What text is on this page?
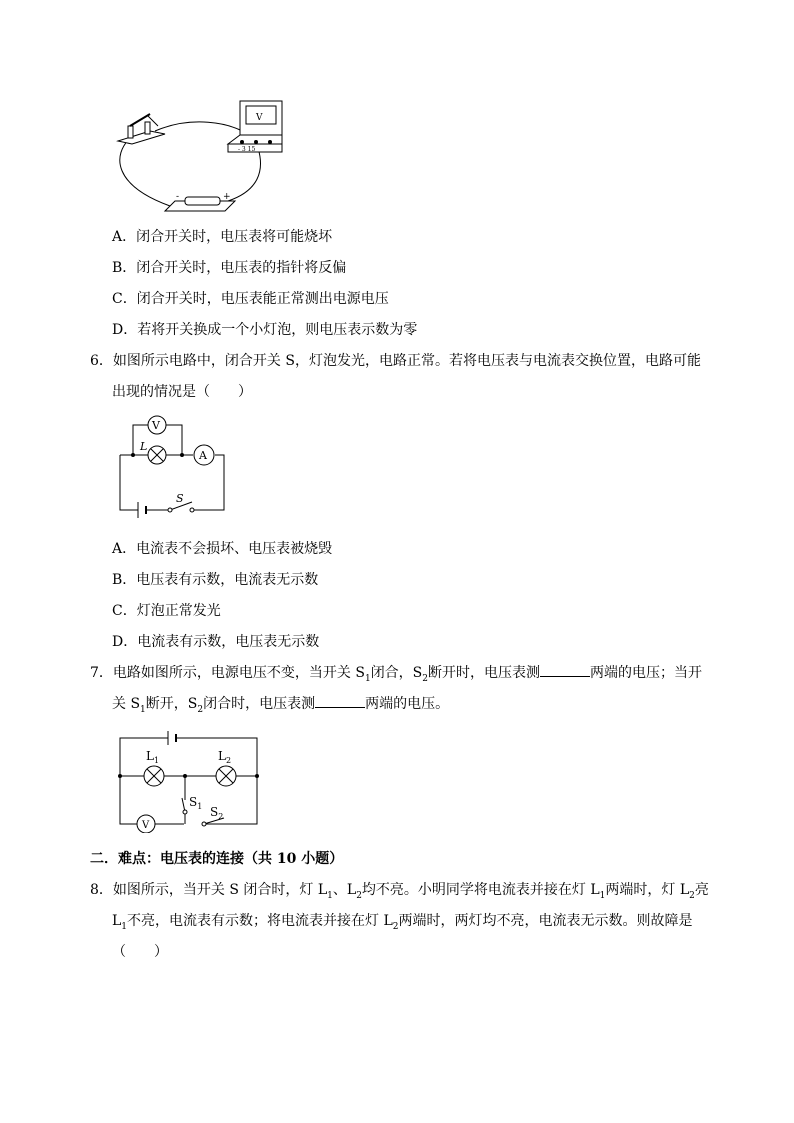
V
- 3 15
-	+
A．闭合开关时，电压表将可能烧坏
B．闭合开关时，电压表的指针将反偏
C．闭合开关时，电压表能正常测出电源电压
D．若将开关换成一个小灯泡，则电压表示数为零
6．如图所示电路中，闭合开关 S，灯泡发光，电路正常。若将电压表与电流表交换位置，电路可能
出现的情况是（　　）
V
A
L
S
A．电流表不会损坏、电压表被烧毁
B．电压表有示数，电流表无示数
C．灯泡正常发光
D．电流表有示数，电压表无示数
7．电路如图所示，电源电压不变，当开关 $S_1$闭合，$S_2$断开时，电压表测	两端的电压；当开
关 $S_1$断开，$S_2$闭合时，电压表测	两端的电压。
V
$L_1$	$L_2$
$S_1$ $S_2$
二．难点：电压表的连接（共 10 小题）
8．如图所示，当开关 S 闭合时，灯 $L_1$、$L_2$均不亮。小明同学将电流表并接在灯 $L_1$两端时，灯 $L_2$亮
$L_1$不亮，电流表有示数；将电流表并接在灯 $L_2$两端时，两灯均不亮，电流表无示数。则故障是
（　　）
